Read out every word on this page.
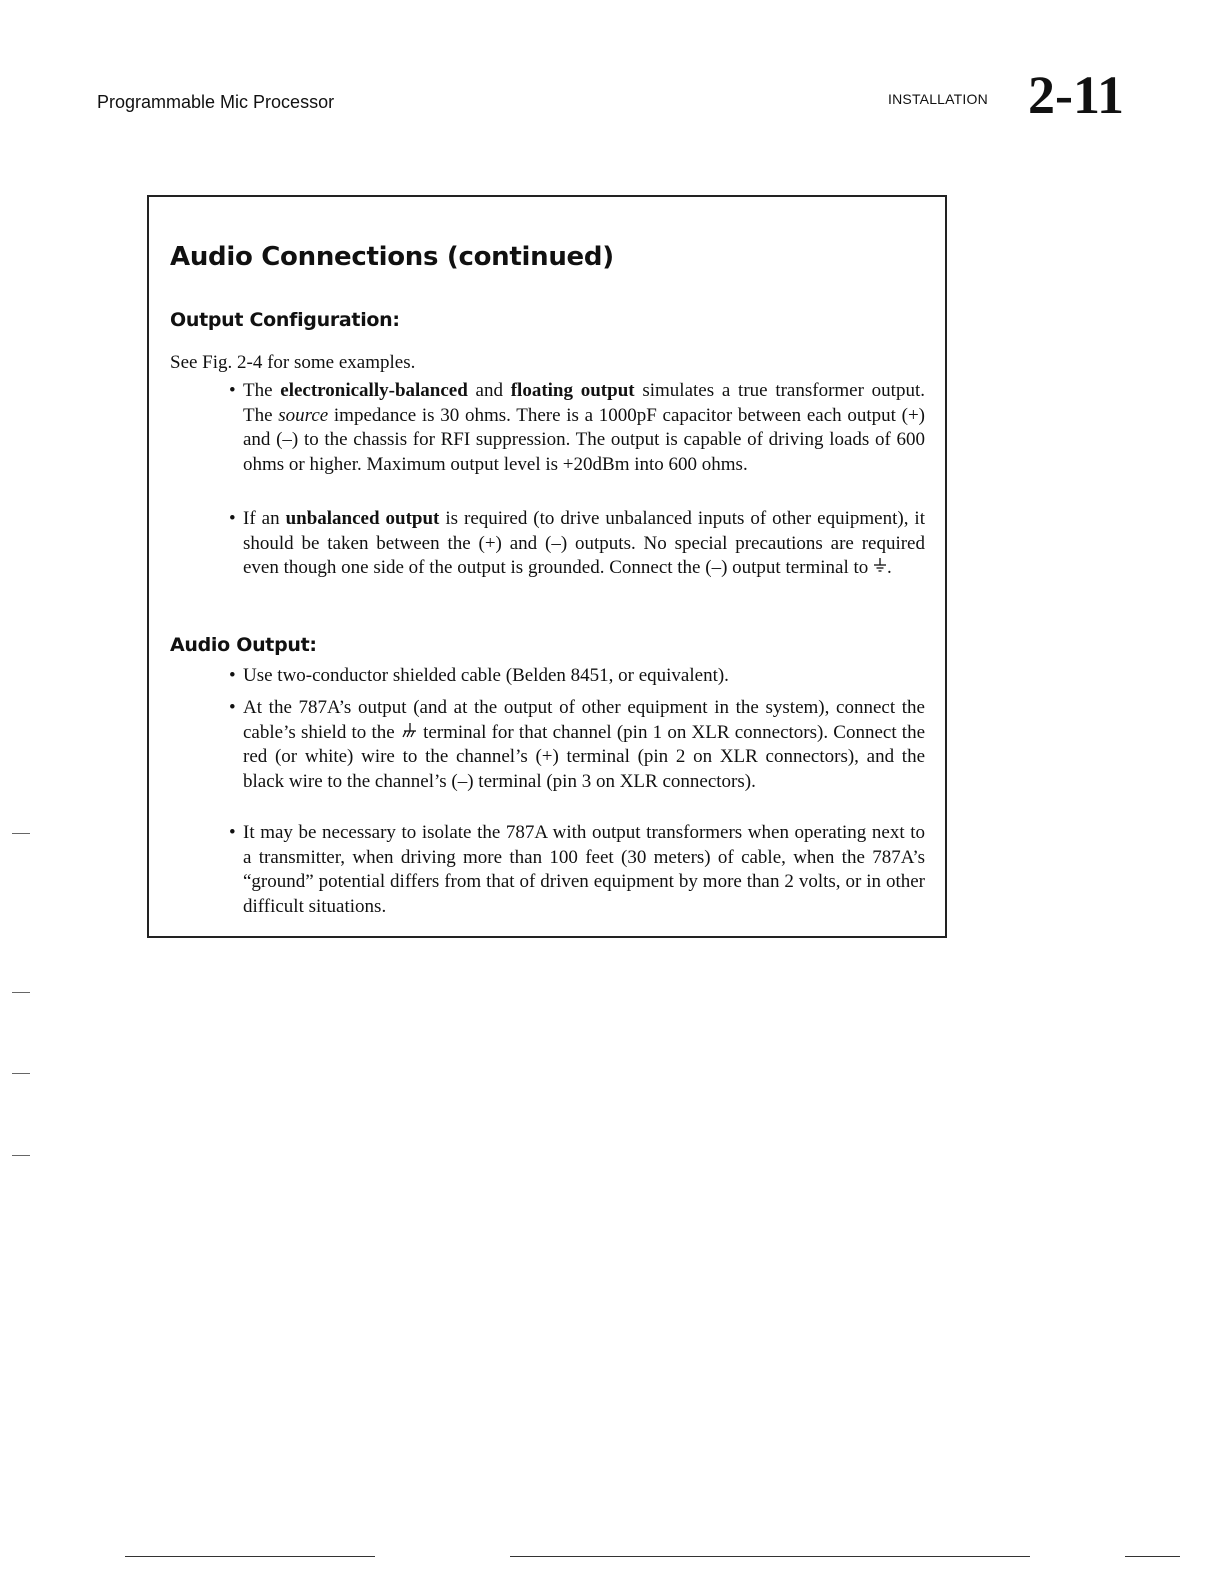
Programmable Mic Processor	INSTALLATION 2-11
Audio Connections (continued)
Output Configuration:
See Fig. 2-4 for some examples.
• The electronically-balanced and floating output simulates a true transformer output. The source impedance is 30 ohms. There is a 1000pF capacitor between each output (+) and (–) to the chassis for RFI suppression. The output is capable of driving loads of 600 ohms or higher. Maximum output level is +20dBm into 600 ohms.
• If an unbalanced output is required (to drive unbalanced inputs of other equipment), it should be taken between the (+) and (–) outputs. No special precautions are required even though one side of the output is grounded. Connect the (–) output terminal to .
Audio Output:
• Use two-conductor shielded cable (Belden 8451, or equivalent).
• At the 787A’s output (and at the output of other equipment in the system), connect the cable’s shield to the  terminal for that channel (pin 1 on XLR connectors). Connect the red (or white) wire to the channel’s (+) terminal (pin 2 on XLR connectors), and the black wire to the channel’s (–) terminal (pin 3 on XLR connectors).
• It may be necessary to isolate the 787A with output transformers when operating next to a transmitter, when driving more than 100 feet (30 meters) of cable, when the 787A’s “ground” potential differs from that of driven equipment by more than 2 volts, or in other difficult situations.
